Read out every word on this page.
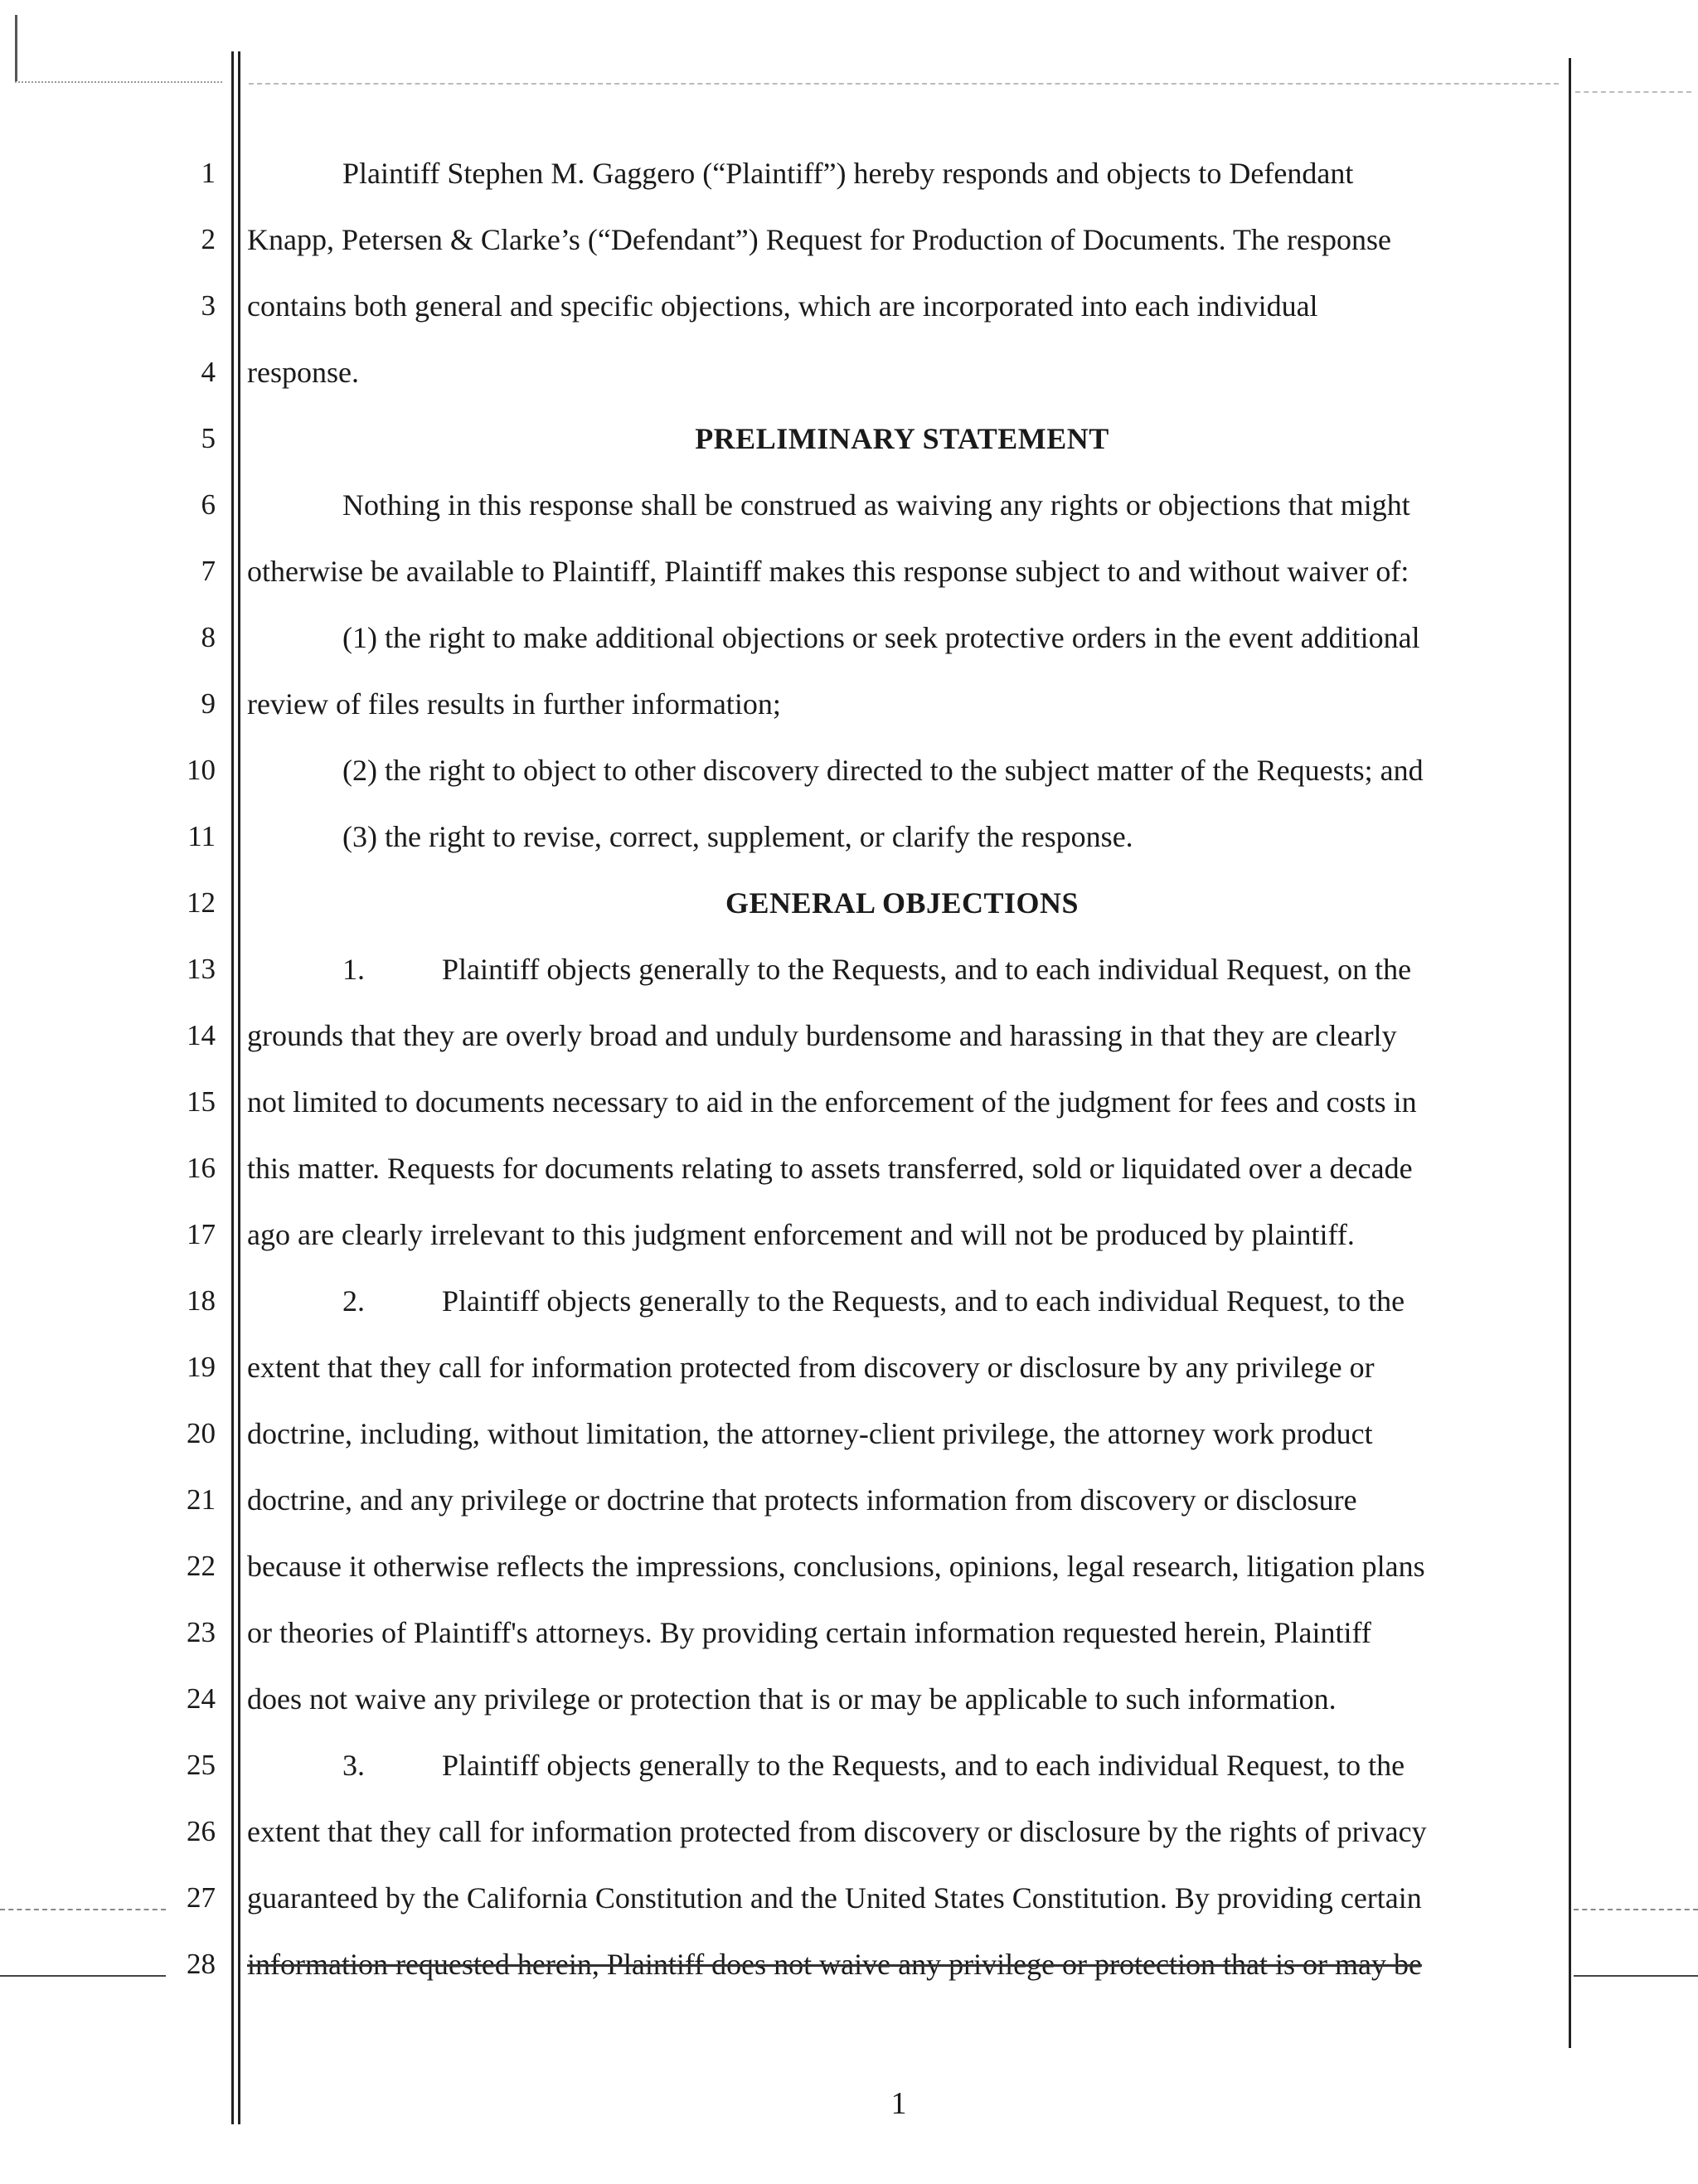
1
2
3
4
5
6
7
8
9
10
11
12
13
14
15
16
17
18
19
20
21
22
23
24
25
26
27
28
Plaintiff Stephen M. Gaggero (“Plaintiff”) hereby responds and objects to Defendant
Knapp, Petersen & Clarke’s (“Defendant”) Request for Production of Documents. The response
contains both general and specific objections, which are incorporated into each individual
response.
PRELIMINARY STATEMENT
Nothing in this response shall be construed as waiving any rights or objections that might
otherwise be available to Plaintiff, Plaintiff makes this response subject to and without waiver of:
(1) the right to make additional objections or seek protective orders in the event additional
review of files results in further information;
(2) the right to object to other discovery directed to the subject matter of the Requests; and
(3) the right to revise, correct, supplement, or clarify the response.
GENERAL OBJECTIONS
1.	Plaintiff objects generally to the Requests, and to each individual Request, on the
grounds that they are overly broad and unduly burdensome and harassing in that they are clearly
not limited to documents necessary to aid in the enforcement of the judgment for fees and costs in
this matter. Requests for documents relating to assets transferred, sold or liquidated over a decade
ago are clearly irrelevant to this judgment enforcement and will not be produced by plaintiff.
2.	Plaintiff objects generally to the Requests, and to each individual Request, to the
extent that they call for information protected from discovery or disclosure by any privilege or
doctrine, including, without limitation, the attorney-client privilege, the attorney work product
doctrine, and any privilege or doctrine that protects information from discovery or disclosure
because it otherwise reflects the impressions, conclusions, opinions, legal research, litigation plans
or theories of Plaintiff's attorneys. By providing certain information requested herein, Plaintiff
does not waive any privilege or protection that is or may be applicable to such information.
3.	Plaintiff objects generally to the Requests, and to each individual Request, to the
extent that they call for information protected from discovery or disclosure by the rights of privacy
guaranteed by the California Constitution and the United States Constitution. By providing certain
information requested herein, Plaintiff does not waive any privilege or protection that is or may be
1
